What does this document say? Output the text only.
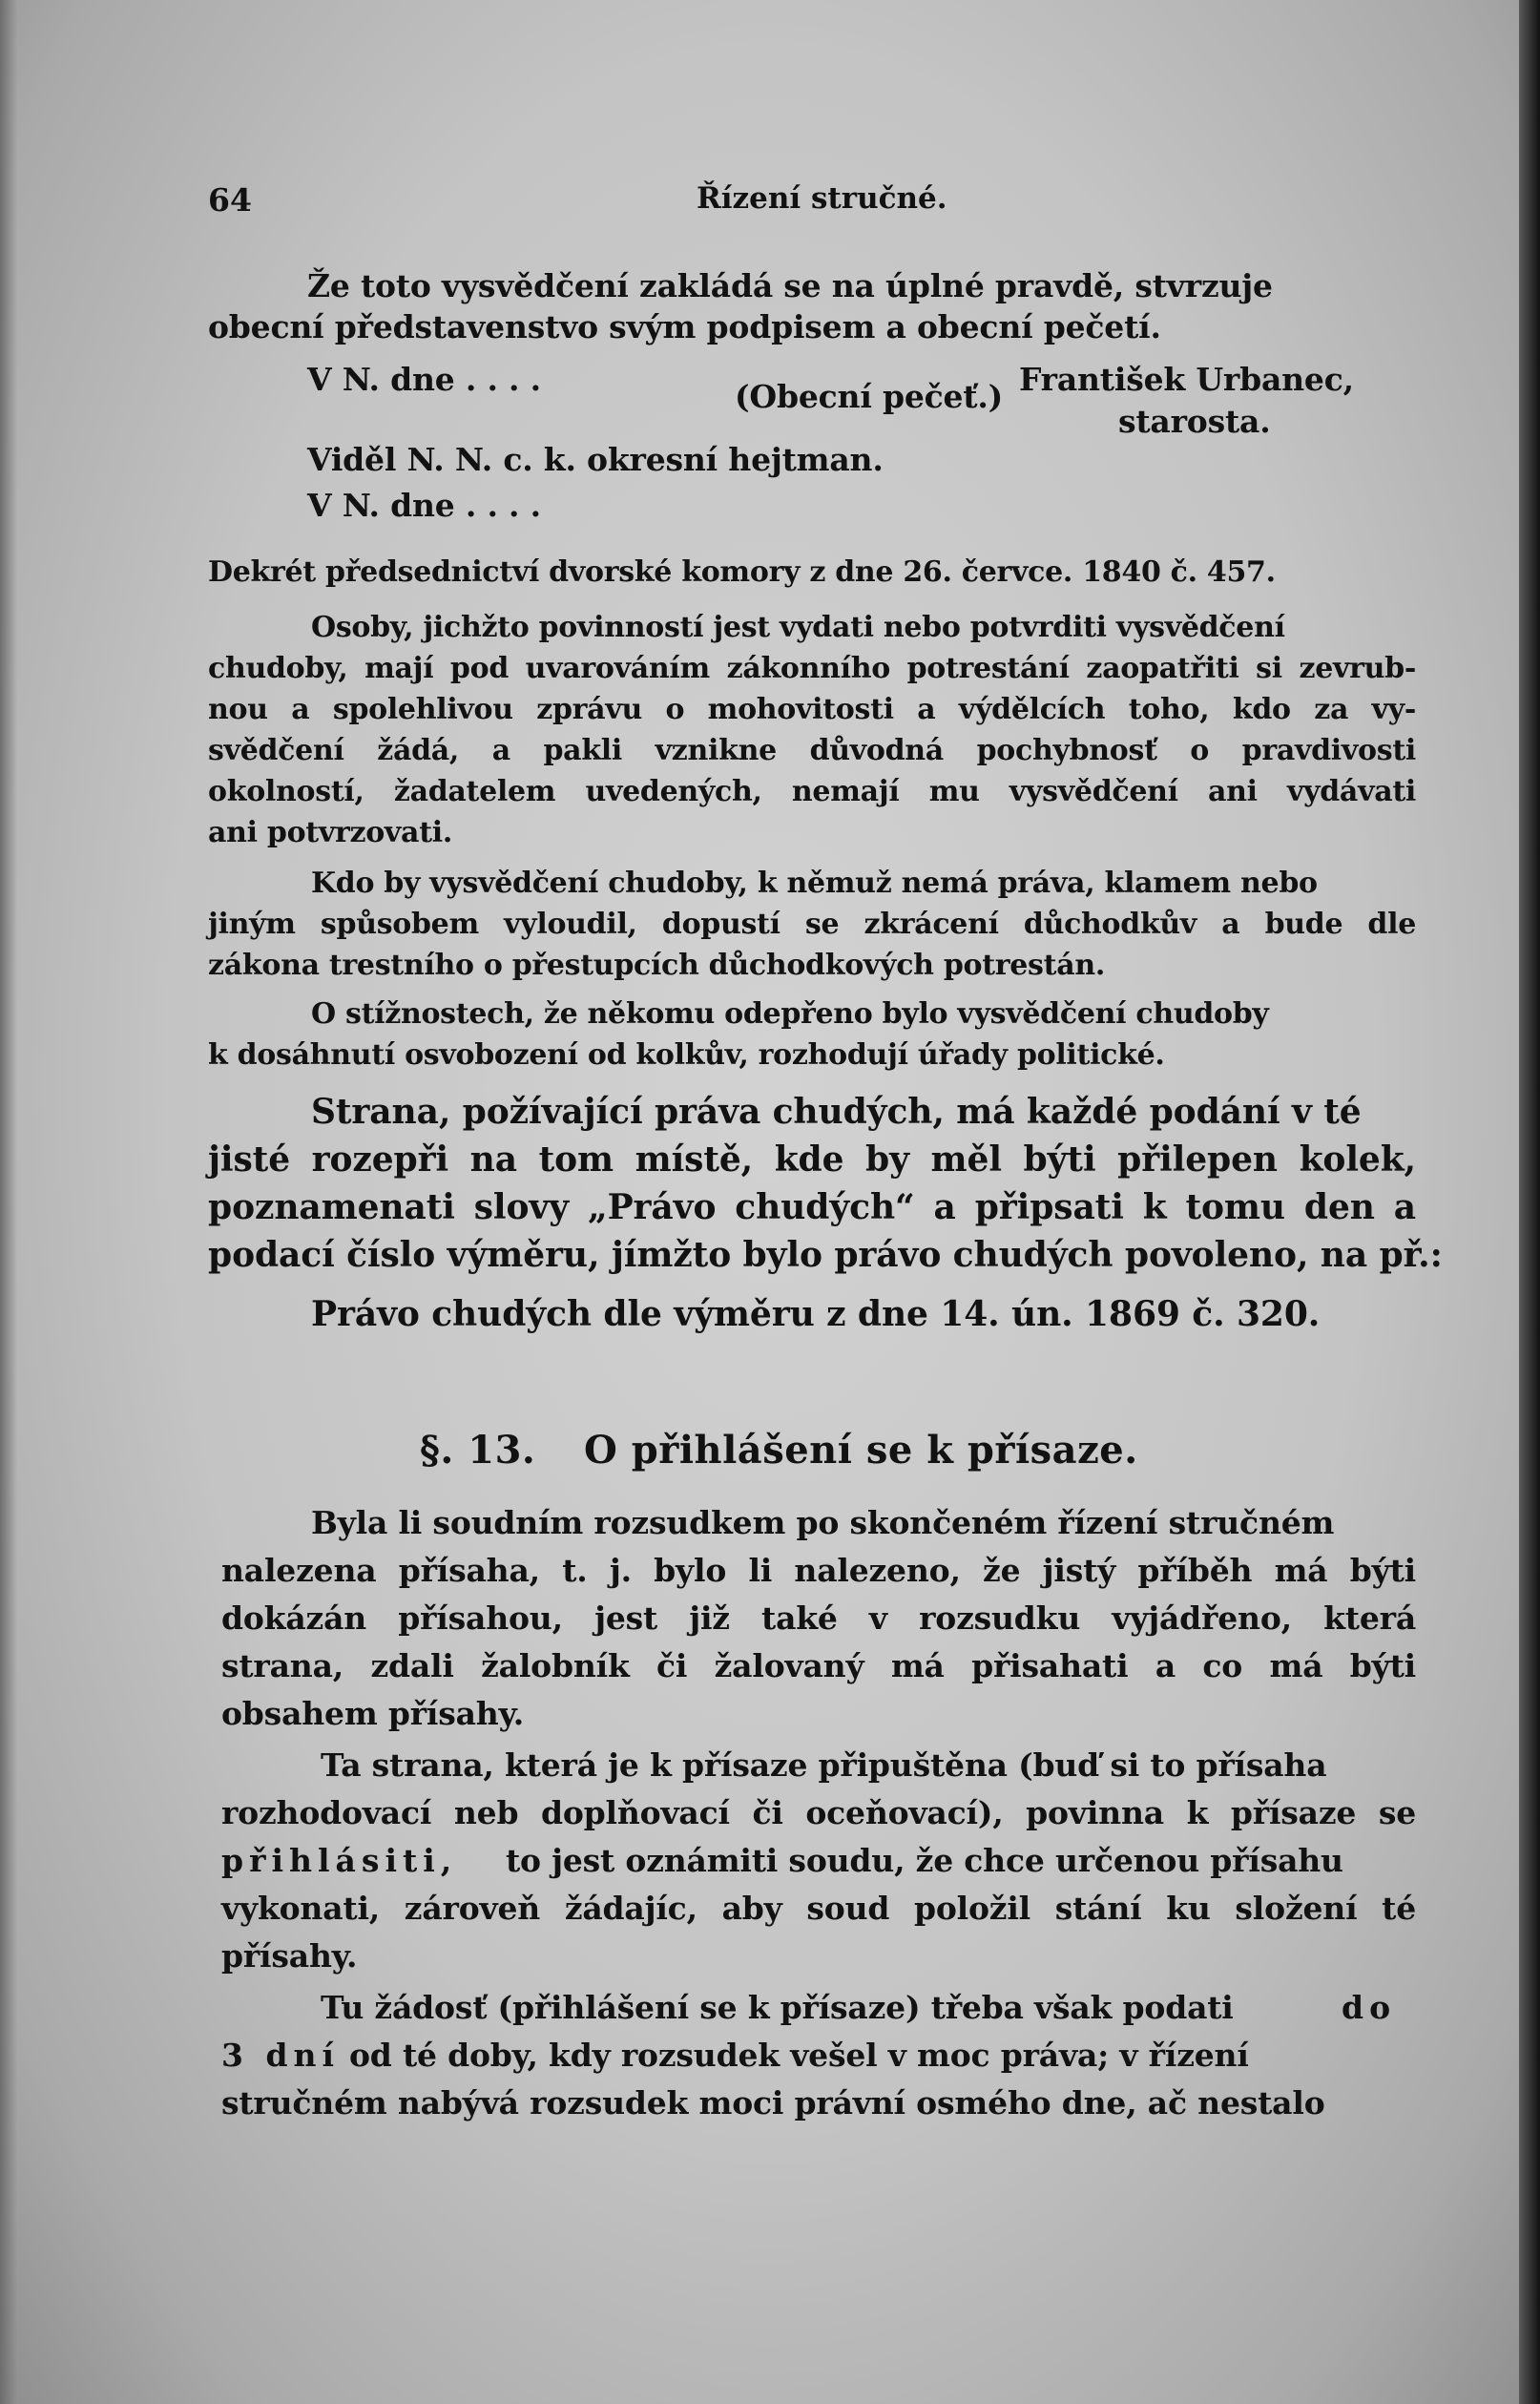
64	Řízení stručné.
Že toto vysvědčení zakládá se na úplné pravdě, stvrzuje
obecní představenstvo svým podpisem a obecní pečetí.
V N. dne . . . .	(Obecní pečeť.) František Urbanec,
starosta.
Viděl N. N. c. k. okresní hejtman.
V N. dne . . . .
Dekrét předsednictví dvorské komory z dne 26. červce. 1840 č. 457.
Osoby, jichžto povinností jest vydati nebo potvrditi vysvědčení
chudoby, mají pod uvarováním zákonního potrestání zaopatřiti si zevrub-
nou a spolehlivou zprávu o mohovitosti a výdělcích toho, kdo za vy-
svědčení žádá, a pakli vznikne důvodná pochybnosť o pravdivosti
okolností, žadatelem uvedených, nemají mu vysvědčení ani vydávati
ani potvrzovati.
Kdo by vysvědčení chudoby, k němuž nemá práva, klamem nebo
jiným spůsobem vyloudil, dopustí se zkrácení důchodkův a bude dle
zákona trestního o přestupcích důchodkových potrestán.
O stížnostech, že někomu odepřeno bylo vysvědčení chudoby
k dosáhnutí osvobození od kolkův, rozhodují úřady politické.
Strana, požívající práva chudých, má každé podání v té
jisté rozepři na tom místě, kde by měl býti přilepen kolek,
poznamenati slovy „Právo chudých“ a připsati k tomu den a
podací číslo výměru, jímžto bylo právo chudých povoleno, na př.:
Právo chudých dle výměru z dne 14. ún. 1869 č. 320.
§. 13. O přihlášení se k přísaze.
Byla li soudním rozsudkem po skončeném řízení stručném
nalezena přísaha, t. j. bylo li nalezeno, že jistý příběh má býti
dokázán přísahou, jest již také v rozsudku vyjádřeno, která
strana, zdali žalobník či žalovaný má přisahati a co má býti
obsahem přísahy.
Ta strana, která je k přísaze připuštěna (buď si to přísaha
rozhodovací neb doplňovací či oceňovací), povinna k přísaze se
přihlásiti, to jest oznámiti soudu, že chce určenou přísahu
vykonati, zároveň žádajíc, aby soud položil stání ku složení té
přísahy.
Tu žádosť (přihlášení se k přísaze) třeba však podati	do
3 dní od té doby, kdy rozsudek vešel v moc práva; v řízení
stručném nabývá rozsudek moci právní osmého dne, ač nestalo
